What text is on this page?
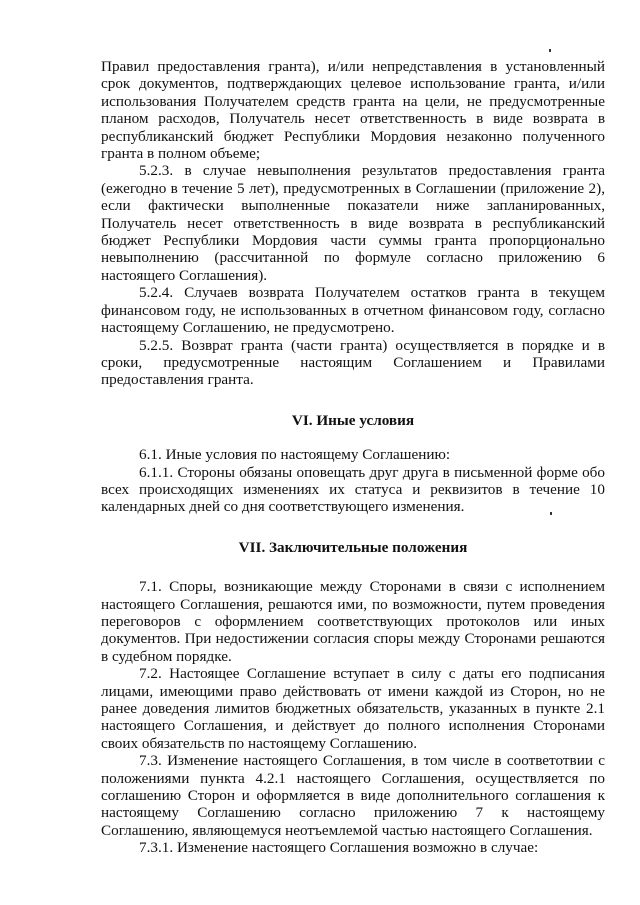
Правил предоставления гранта), и/или непредставления в установленный срок документов, подтверждающих целевое использование гранта, и/или использования Получателем средств гранта на цели, не предусмотренные планом расходов, Получатель несет ответственность в виде возврата в республиканский бюджет Республики Мордовия незаконно полученного гранта в полном объеме;

5.2.3. в случае невыполнения результатов предоставления гранта (ежегодно в течение 5 лет), предусмотренных в Соглашении (приложение 2), если фактически выполненные показатели ниже запланированных, Получатель несет ответственность в виде возврата в республиканский бюджет Республики Мордовия части суммы гранта пропорционально невыполнению (рассчитанной по формуле согласно приложению 6 настоящего Соглашения).

5.2.4. Случаев возврата Получателем остатков гранта в текущем финансовом году, не использованных в отчетном финансовом году, согласно настоящему Соглашению, не предусмотрено.

5.2.5. Возврат гранта (части гранта) осуществляется в порядке и в сроки, предусмотренные настоящим Соглашением и Правилами предоставления гранта.

VI. Иные условия

6.1. Иные условия по настоящему Соглашению:

6.1.1. Стороны обязаны оповещать друг друга в письменной форме обо всех происходящих изменениях их статуса и реквизитов в течение 10 календарных дней со дня соответствующего изменения.

VII. Заключительные положения

7.1. Споры, возникающие между Сторонами в связи с исполнением настоящего Соглашения, решаются ими, по возможности, путем проведения переговоров с оформлением соответствующих протоколов или иных документов. При недостижении согласия споры между Сторонами решаются в судебном порядке.

7.2. Настоящее Соглашение вступает в силу с даты его подписания лицами, имеющими право действовать от имени каждой из Сторон, но не ранее доведения лимитов бюджетных обязательств, указанных в пункте 2.1 настоящего Соглашения, и действует до полного исполнения Сторонами своих обязательств по настоящему Соглашению.

7.3. Изменение настоящего Соглашения, в том числе в соответотвии с положениями пункта 4.2.1 настоящего Соглашения, осуществляется по соглашению Сторон и оформляется в виде дополнительного соглашения к настоящему Соглашению согласно приложению 7 к настоящему Соглашению, являющемуся неотъемлемой частью настоящего Соглашения.

7.3.1. Изменение настоящего Соглашения возможно в случае:
